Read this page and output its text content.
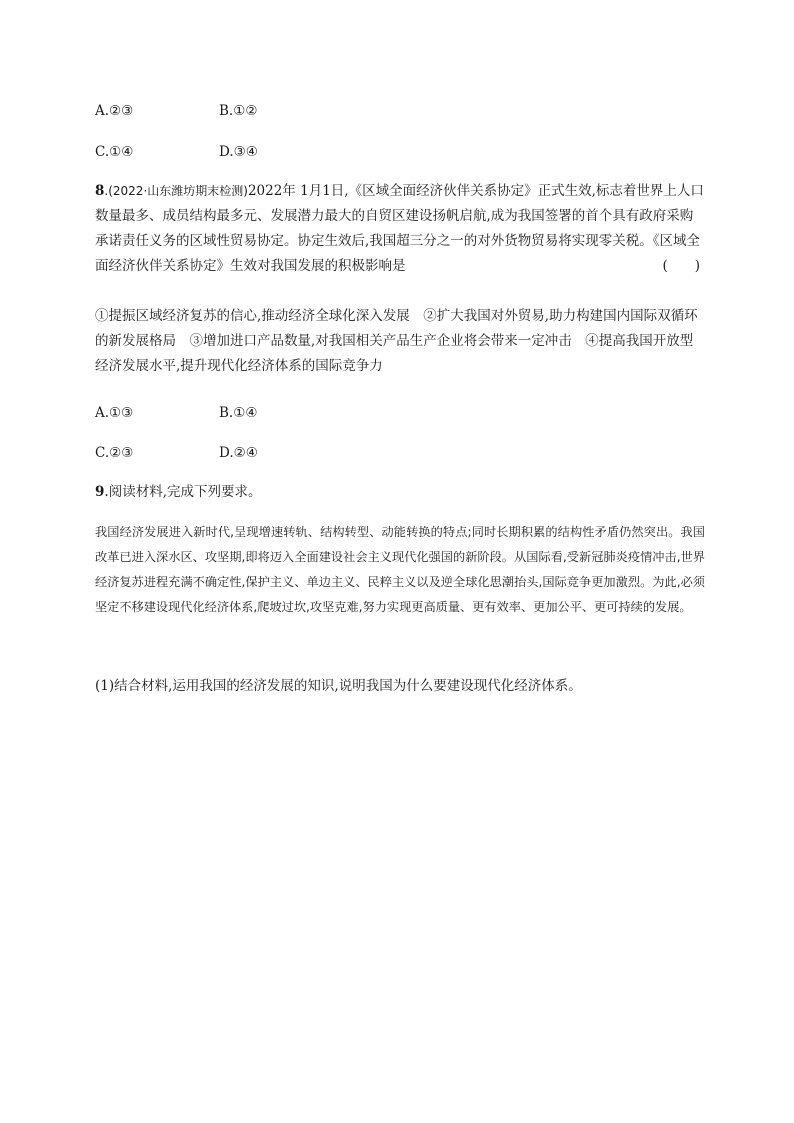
A.②③	B.①②
C.①④	D.③④
8.(2022·山东潍坊期末检测)2022年 1月1日,《区域全面经济伙伴关系协定》正式生效,标志着世界上人口数量最多、成员结构最多元、发展潜力最大的自贸区建设扬帆启航,成为我国签署的首个具有政府采购承诺责任义务的区域性贸易协定。协定生效后,我国超三分之一的对外货物贸易将实现零关税。《区域全面经济伙伴关系协定》生效对我国发展的积极影响是	(　　)
①提振区域经济复苏的信心,推动经济全球化深入发展　②扩大我国对外贸易,助力构建国内国际双循环的新发展格局　③增加进口产品数量,对我国相关产品生产企业将会带来一定冲击　④提高我国开放型经济发展水平,提升现代化经济体系的国际竞争力
A.①③	B.①④
C.②③	D.②④
9.阅读材料,完成下列要求。
我国经济发展进入新时代,呈现增速转轨、结构转型、动能转换的特点;同时长期积累的结构性矛盾仍然突出。我国改革已进入深水区、攻坚期,即将迈入全面建设社会主义现代化强国的新阶段。从国际看,受新冠肺炎疫情冲击,世界经济复苏进程充满不确定性,保护主义、单边主义、民粹主义以及逆全球化思潮抬头,国际竞争更加激烈。为此,必须坚定不移建设现代化经济体系,爬坡过坎,攻坚克难,努力实现更高质量、更有效率、更加公平、更可持续的发展。
(1)结合材料,运用我国的经济发展的知识,说明我国为什么要建设现代化经济体系。
